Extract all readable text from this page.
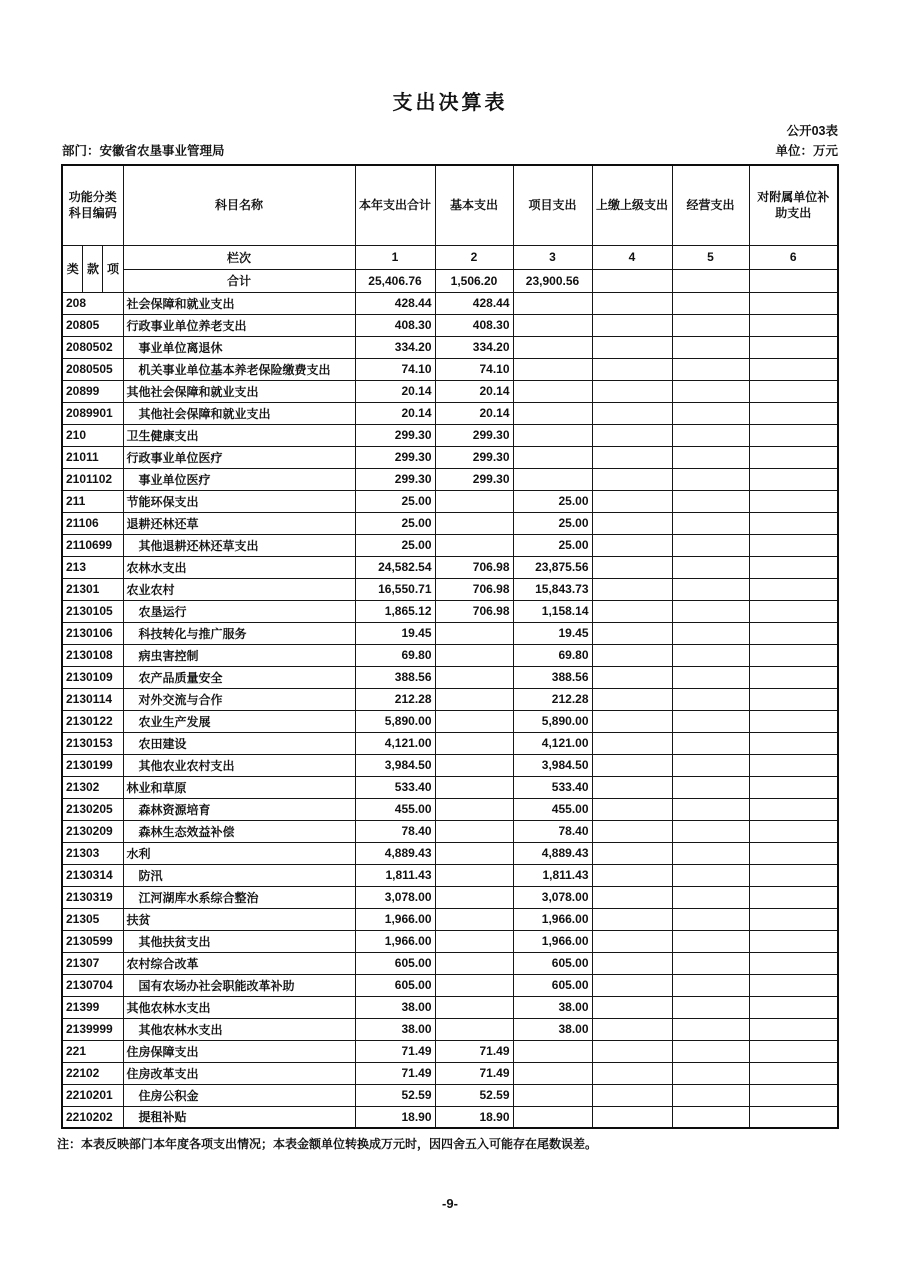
支出决算表
公开03表
部门：安徽省农垦事业管理局	单位：万元
功能分类科目编码			科目名称	本年支出合计	基本支出	项目支出	上缴上级支出	经营支出	对附属单位补助支出
类	款	项	栏次	1	2	3	4	5	6
			合计	25,406.76	1,506.20	23,900.56			
208			社会保障和就业支出	428.44	428.44				
20805			行政事业单位养老支出	408.30	408.30				
2080502			事业单位离退休	334.20	334.20				
2080505			机关事业单位基本养老保险缴费支出	74.10	74.10				
20899			其他社会保障和就业支出	20.14	20.14				
2089901			其他社会保障和就业支出	20.14	20.14				
210			卫生健康支出	299.30	299.30				
21011			行政事业单位医疗	299.30	299.30				
2101102			事业单位医疗	299.30	299.30				
211			节能环保支出	25.00		25.00			
21106			退耕还林还草	25.00		25.00			
2110699			其他退耕还林还草支出	25.00		25.00			
213			农林水支出	24,582.54	706.98	23,875.56			
21301			农业农村	16,550.71	706.98	15,843.73			
2130105			农垦运行	1,865.12	706.98	1,158.14			
2130106			科技转化与推广服务	19.45		19.45			
2130108			病虫害控制	69.80		69.80			
2130109			农产品质量安全	388.56		388.56			
2130114			对外交流与合作	212.28		212.28			
2130122			农业生产发展	5,890.00		5,890.00			
2130153			农田建设	4,121.00		4,121.00			
2130199			其他农业农村支出	3,984.50		3,984.50			
21302			林业和草原	533.40		533.40			
2130205			森林资源培育	455.00		455.00			
2130209			森林生态效益补偿	78.40		78.40			
21303			水利	4,889.43		4,889.43			
2130314			防汛	1,811.43		1,811.43			
2130319			江河湖库水系综合整治	3,078.00		3,078.00			
21305			扶贫	1,966.00		1,966.00			
2130599			其他扶贫支出	1,966.00		1,966.00			
21307			农村综合改革	605.00		605.00			
2130704			国有农场办社会职能改革补助	605.00		605.00			
21399			其他农林水支出	38.00		38.00			
2139999			其他农林水支出	38.00		38.00			
221			住房保障支出	71.49	71.49				
22102			住房改革支出	71.49	71.49				
2210201			住房公积金	52.59	52.59				
2210202			提租补贴	18.90	18.90				
注：本表反映部门本年度各项支出情况；本表金额单位转换成万元时，因四舍五入可能存在尾数误差。
-9-
